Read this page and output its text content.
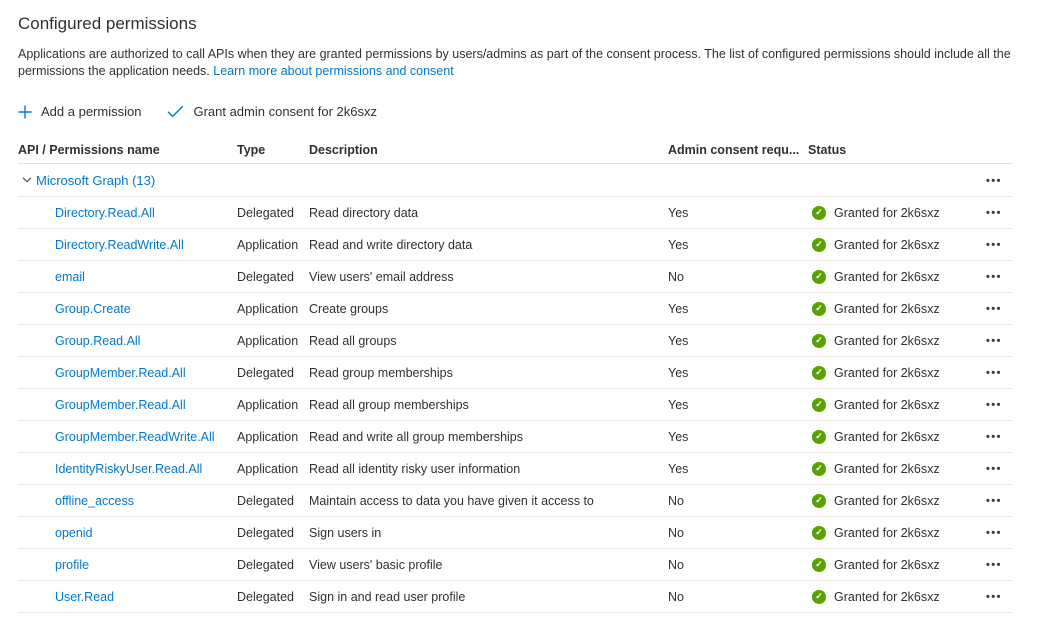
Configured permissions

Applications are authorized to call APIs when they are granted permissions by users/admins as part of the consent process. The list of configured permissions should include all the permissions the application needs. Learn more about permissions and consent

Add a permission	Grant admin consent for 2k6sxz
API / Permissions name	Type	Description	Admin consent requ... Status
Microsoft Graph (13)	•••
Directory.Read.All	Delegated	Read directory data	Yes	✓ Granted for 2k6sxz	•••
Directory.ReadWrite.All	Application Read and write directory data	Yes	✓ Granted for 2k6sxz	•••
email	Delegated	View users' email address	No	✓ Granted for 2k6sxz	•••
Group.Create	Application Create groups	Yes	✓ Granted for 2k6sxz	•••
Group.Read.All	Application Read all groups	Yes	✓ Granted for 2k6sxz	•••
GroupMember.Read.All	Delegated	Read group memberships	Yes	✓ Granted for 2k6sxz	•••
GroupMember.Read.All	Application Read all group memberships	Yes	✓ Granted for 2k6sxz	•••
GroupMember.ReadWrite.All	Application Read and write all group memberships	Yes	✓ Granted for 2k6sxz	•••
IdentityRiskyUser.Read.All	Application Read all identity risky user information	Yes	✓ Granted for 2k6sxz	•••
offline_access	Delegated	Maintain access to data you have given it access to	No	✓ Granted for 2k6sxz	•••
openid	Delegated	Sign users in	No	✓ Granted for 2k6sxz	•••
profile	Delegated	View users' basic profile	No	✓ Granted for 2k6sxz	•••
User.Read	Delegated	Sign in and read user profile	No	✓ Granted for 2k6sxz	•••
